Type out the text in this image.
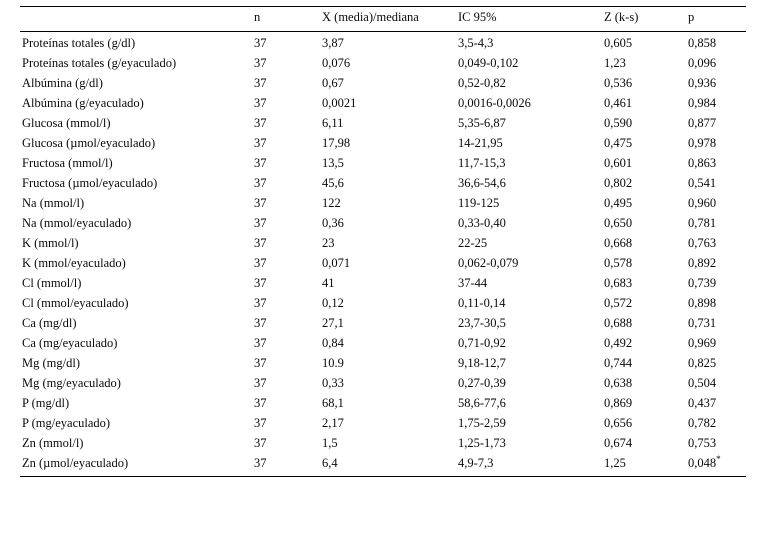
	n	X (media)/mediana	IC 95%	Z (k-s)	p
Proteínas totales (g/dl)	37	3,87	3,5-4,3	0,605	0,858
Proteínas totales (g/eyaculado)	37	0,076	0,049-0,102	1,23	0,096
Albúmina (g/dl)	37	0,67	0,52-0,82	0,536	0,936
Albúmina (g/eyaculado)	37	0,0021	0,0016-0,0026	0,461	0,984
Glucosa (mmol/l)	37	6,11	5,35-6,87	0,590	0,877
Glucosa (µmol/eyaculado)	37	17,98	14-21,95	0,475	0,978
Fructosa (mmol/l)	37	13,5	11,7-15,3	0,601	0,863
Fructosa (µmol/eyaculado)	37	45,6	36,6-54,6	0,802	0,541
Na (mmol/l)	37	122	119-125	0,495	0,960
Na (mmol/eyaculado)	37	0,36	0,33-0,40	0,650	0,781
K (mmol/l)	37	23	22-25	0,668	0,763
K (mmol/eyaculado)	37	0,071	0,062-0,079	0,578	0,892
Cl (mmol/l)	37	41	37-44	0,683	0,739
Cl (mmol/eyaculado)	37	0,12	0,11-0,14	0,572	0,898
Ca (mg/dl)	37	27,1	23,7-30,5	0,688	0,731
Ca (mg/eyaculado)	37	0,84	0,71-0,92	0,492	0,969
Mg (mg/dl)	37	10.9	9,18-12,7	0,744	0,825
Mg (mg/eyaculado)	37	0,33	0,27-0,39	0,638	0,504
P (mg/dl)	37	68,1	58,6-77,6	0,869	0,437
P (mg/eyaculado)	37	2,17	1,75-2,59	0,656	0,782
Zn (mmol/l)	37	1,5	1,25-1,73	0,674	0,753
Zn (µmol/eyaculado)	37	6,4	4,9-7,3	1,25	0,048*
